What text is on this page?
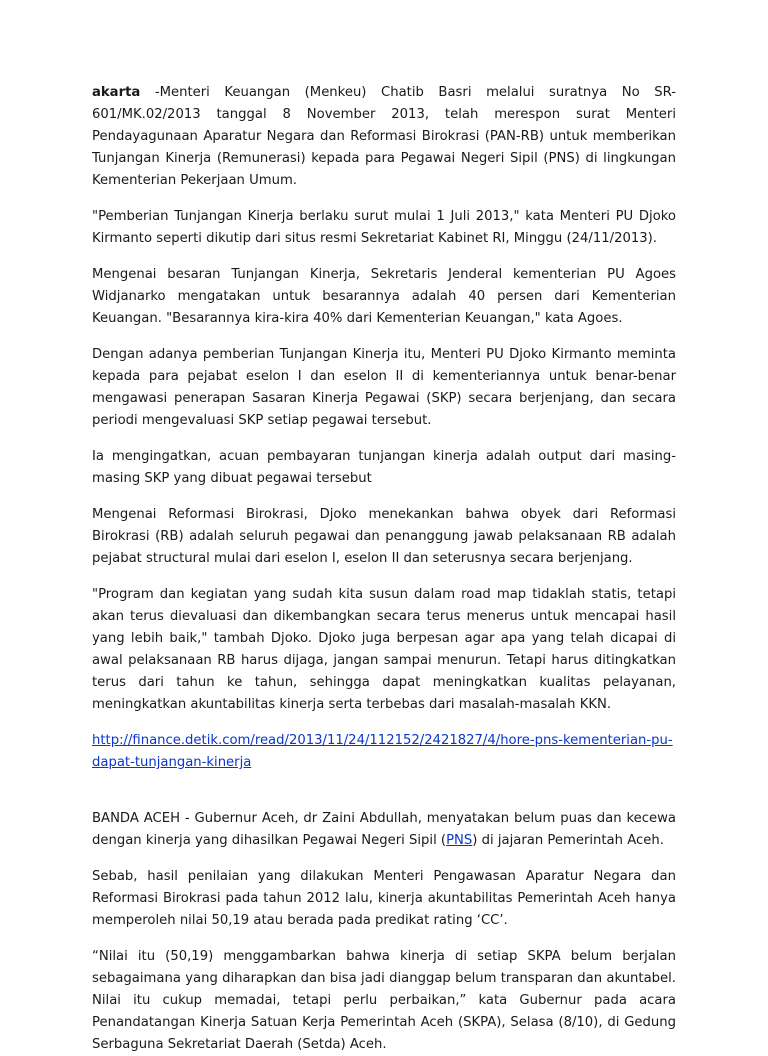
akarta -Menteri Keuangan (Menkeu) Chatib Basri melalui suratnya No SR-601/MK.02/2013 tanggal 8 November 2013, telah merespon surat Menteri Pendayagunaan Aparatur Negara dan Reformasi Birokrasi (PAN-RB) untuk memberikan Tunjangan Kinerja (Remunerasi) kepada para Pegawai Negeri Sipil (PNS) di lingkungan Kementerian Pekerjaan Umum.

"Pemberian Tunjangan Kinerja berlaku surut mulai 1 Juli 2013," kata Menteri PU Djoko Kirmanto seperti dikutip dari situs resmi Sekretariat Kabinet RI, Minggu (24/11/2013).

Mengenai besaran Tunjangan Kinerja, Sekretaris Jenderal kementerian PU Agoes Widjanarko mengatakan untuk besarannya adalah 40 persen dari Kementerian Keuangan. "Besarannya kira-kira 40% dari Kementerian Keuangan," kata Agoes.

Dengan adanya pemberian Tunjangan Kinerja itu, Menteri PU Djoko Kirmanto meminta kepada para pejabat eselon I dan eselon II di kementeriannya untuk benar-benar mengawasi penerapan Sasaran Kinerja Pegawai (SKP) secara berjenjang, dan secara periodi mengevaluasi SKP setiap pegawai tersebut.

Ia mengingatkan, acuan pembayaran tunjangan kinerja adalah output dari masing-masing SKP yang dibuat pegawai tersebut

Mengenai Reformasi Birokrasi, Djoko menekankan bahwa obyek dari Reformasi Birokrasi (RB) adalah seluruh pegawai dan penanggung jawab pelaksanaan RB adalah pejabat structural mulai dari eselon I, eselon II dan seterusnya secara berjenjang.

"Program dan kegiatan yang sudah kita susun dalam road map tidaklah statis, tetapi akan terus dievaluasi dan dikembangkan secara terus menerus untuk mencapai hasil yang lebih baik," tambah Djoko. Djoko juga berpesan agar apa yang telah dicapai di awal pelaksanaan RB harus dijaga, jangan sampai menurun. Tetapi harus ditingkatkan terus dari tahun ke tahun, sehingga dapat meningkatkan kualitas pelayanan, meningkatkan akuntabilitas kinerja serta terbebas dari masalah-masalah KKN.

http://finance.detik.com/read/2013/11/24/112152/2421827/4/hore-pns-kementerian-pu-
dapat-tunjangan-kinerja

BANDA ACEH - Gubernur Aceh, dr Zaini Abdullah, menyatakan belum puas dan kecewa dengan kinerja yang dihasilkan Pegawai Negeri Sipil (PNS) di jajaran Pemerintah Aceh.

Sebab, hasil penilaian yang dilakukan Menteri Pengawasan Aparatur Negara dan Reformasi Birokrasi pada tahun 2012 lalu, kinerja akuntabilitas Pemerintah Aceh hanya memperoleh nilai 50,19 atau berada pada predikat rating ‘CC’.

“Nilai itu (50,19) menggambarkan bahwa kinerja di setiap SKPA belum berjalan sebagaimana yang diharapkan dan bisa jadi dianggap belum transparan dan akuntabel. Nilai itu cukup memadai, tetapi perlu perbaikan,” kata Gubernur pada acara Penandatangan Kinerja Satuan Kerja Pemerintah Aceh (SKPA), Selasa (8/10), di Gedung Serbaguna Sekretariat Daerah (Setda) Aceh.
